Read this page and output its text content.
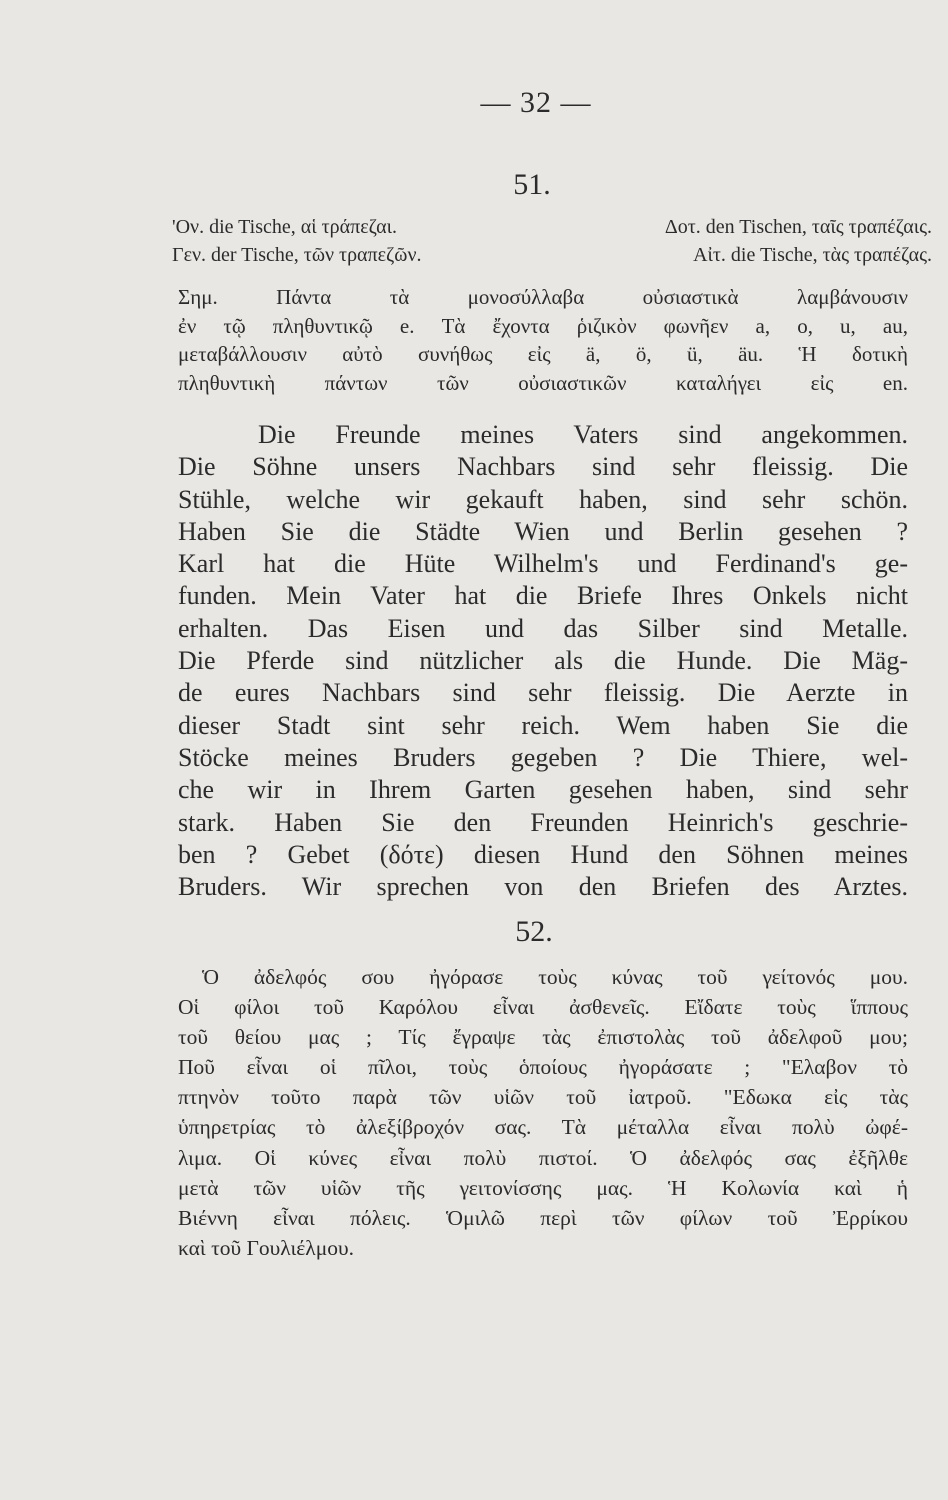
— 32 —
51.
'Ον. die Tische, αἱ τράπεζαι.	Δοτ. den Tischen, ταῖς τραπέζαις.
Γεν. der Tische, τῶν τραπεζῶν.	Αἰτ. die Tische, τὰς τραπέζας.
Σημ. Πάντα τὰ μονοσύλλαβα οὐσιαστικὰ λαμβάνουσιν
ἐν τῷ πληθυντικῷ e. Τὰ ἔχοντα ῥιζικὸν φωνῆεν a, o, u, au,
μεταβάλλουσιν αὐτὸ συνήθως εἰς ä, ö, ü, äu. Ἡ δοτικὴ
πληθυντικὴ πάντων τῶν οὐσιαστικῶν καταλήγει εἰς en.
Die Freunde meines Vaters sind angekommen.
Die Söhne unsers Nachbars sind sehr fleissig. Die
Stühle, welche wir gekauft haben, sind sehr schön.
Haben Sie die Städte Wien und Berlin gesehen ?
Karl hat die Hüte Wilhelm's und Ferdinand's ge-
funden. Mein Vater hat die Briefe Ihres Onkels nicht
erhalten. Das Eisen und das Silber sind Metalle.
Die Pferde sind nützlicher als die Hunde. Die Mäg-
de eures Nachbars sind sehr fleissig. Die Aerzte in
dieser Stadt sint sehr reich. Wem haben Sie die
Stöcke meines Bruders gegeben ? Die Thiere, wel-
che wir in Ihrem Garten gesehen haben, sind sehr
stark. Haben Sie den Freunden Heinrich's geschrie-
ben ? Gebet (δότε) diesen Hund den Söhnen meines
Bruders. Wir sprechen von den Briefen des Arztes.
52.
Ὁ ἀδελφός σου ἠγόρασε τοὺς κύνας τοῦ γείτονός μου.
Οἱ φίλοι τοῦ Καρόλου εἶναι ἀσθενεῖς. Εἴδατε τοὺς ἵππους
τοῦ θείου μας ; Τίς ἔγραψε τὰς ἐπιστολὰς τοῦ ἀδελφοῦ μου;
Ποῦ εἶναι οἱ πῖλοι, τοὺς ὁποίους ἠγοράσατε ; "Ελαβον τὸ
πτηνὸν τοῦτο παρὰ τῶν υἱῶν τοῦ ἰατροῦ. "Εδωκα εἰς τὰς
ὑπηρετρίας τὸ ἀλεξίβροχόν σας. Τὰ μέταλλα εἶναι πολὺ ὠφέ-
λιμα. Οἱ κύνες εἶναι πολὺ πιστοί. Ὁ ἀδελφός σας ἐξῆλθε
μετὰ τῶν υἱῶν τῆς γειτονίσσης μας. Ἡ Κολωνία καὶ ἡ
Βιέννη εἶναι πόλεις. Ὁμιλῶ περὶ τῶν φίλων τοῦ Ἐρρίκου
καὶ τοῦ Γουλιέλμου.
